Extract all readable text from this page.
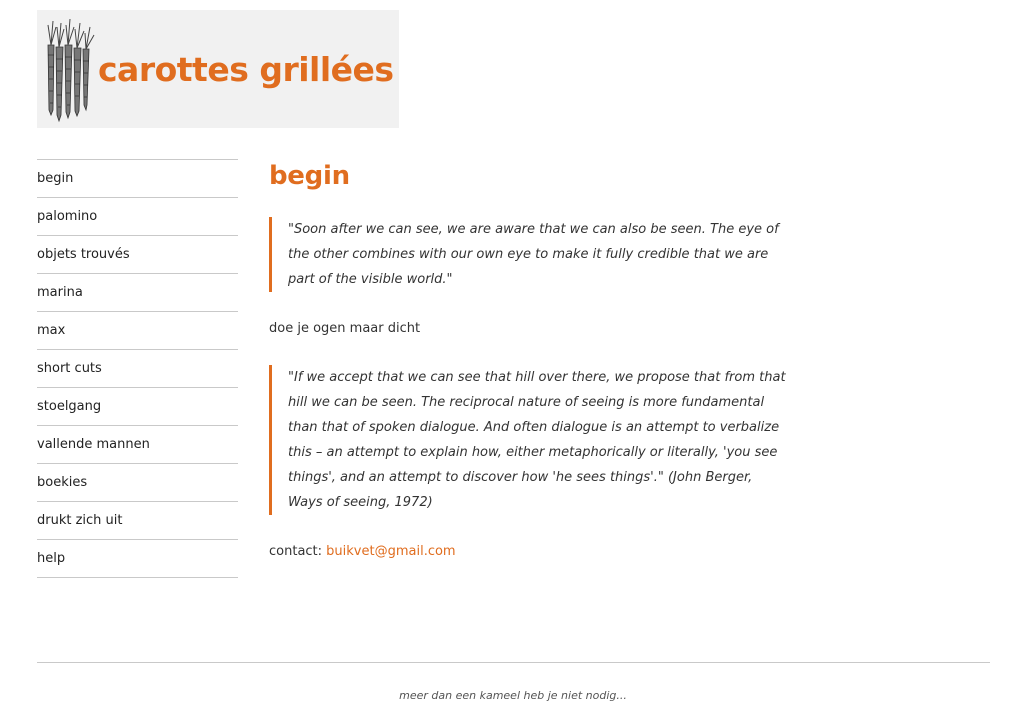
carottes grillées
begin
palomino
objets trouvés
marina
max
short cuts
stoelgang
vallende mannen
boekies
drukt zich uit
help
begin
"Soon after we can see, we are aware that we can also be seen. The eye of the other combines with our own eye to make it fully credible that we are part of the visible world."

doe je ogen maar dicht

"If we accept that we can see that hill over there, we propose that from that hill we can be seen. The reciprocal nature of seeing is more fundamental than that of spoken dialogue. And often dialogue is an attempt to verbalize this – an attempt to explain how, either metaphorically or literally, 'you see things', and an attempt to discover how 'he sees things'." (John Berger, Ways of seeing, 1972)
contact: buikvet@gmail.com
meer dan een kameel heb je niet nodig...
